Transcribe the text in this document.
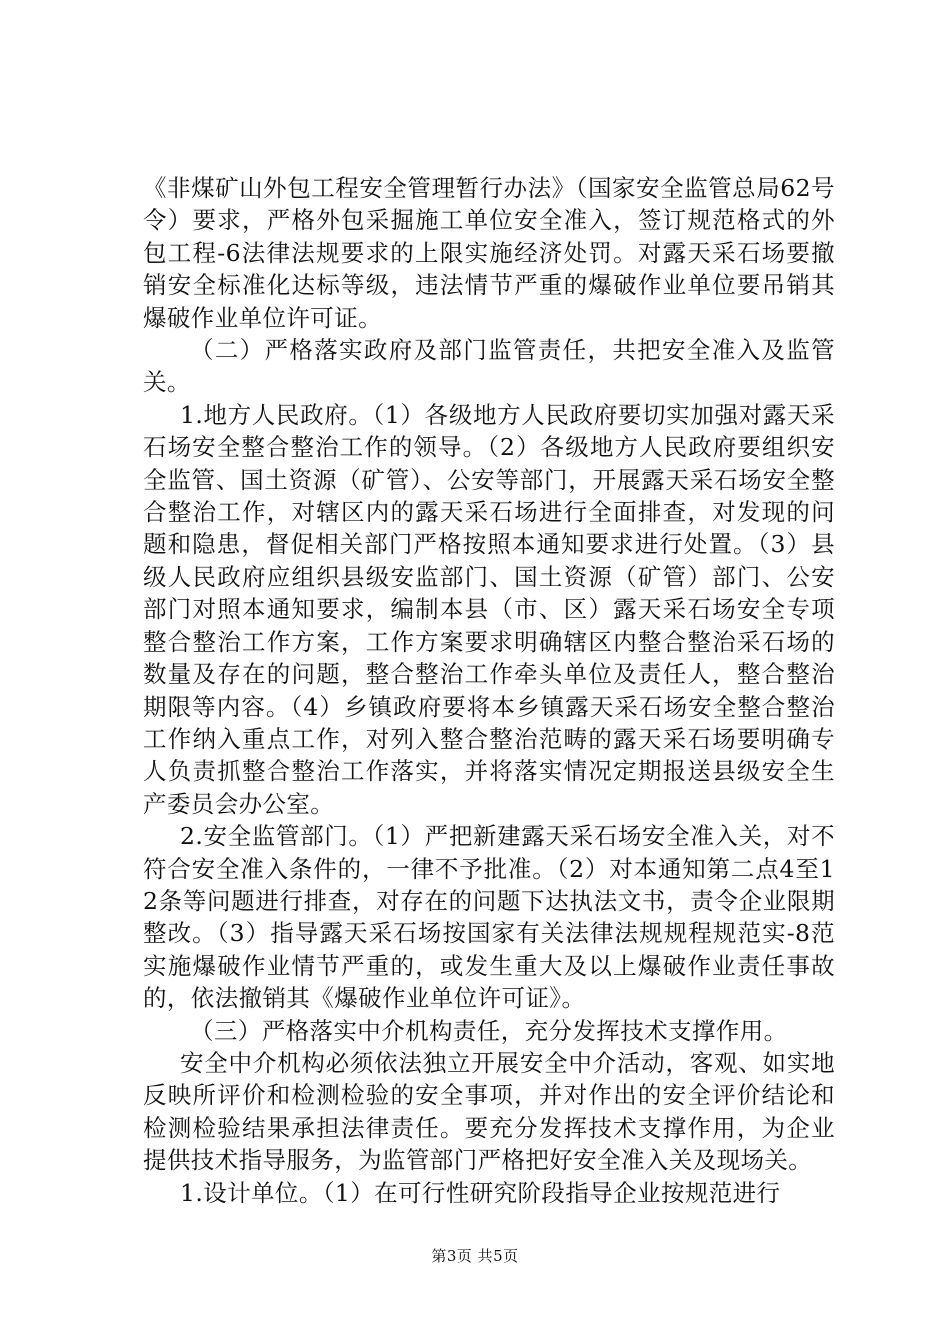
《非煤矿山外包工程安全管理暂行办法》（国家安全监管总局62号令）要求，严格外包采掘施工单位安全准入，签订规范格式的外包工程-6法律法规要求的上限实施经济处罚。对露天采石场要撤销安全标准化达标等级，违法情节严重的爆破作业单位要吊销其爆破作业单位许可证。

（二）严格落实政府及部门监管责任，共把安全准入及监管关。

1.地方人民政府。（1）各级地方人民政府要切实加强对露天采石场安全整合整治工作的领导。（2）各级地方人民政府要组织安全监管、国土资源（矿管）、公安等部门，开展露天采石场安全整合整治工作，对辖区内的露天采石场进行全面排查，对发现的问题和隐患，督促相关部门严格按照本通知要求进行处置。（3）县级人民政府应组织县级安监部门、国土资源（矿管）部门、公安部门对照本通知要求，编制本县（市、区）露天采石场安全专项整合整治工作方案，工作方案要求明确辖区内整合整治采石场的数量及存在的问题，整合整治工作牵头单位及责任人，整合整治期限等内容。（4）乡镇政府要将本乡镇露天采石场安全整合整治工作纳入重点工作，对列入整合整治范畴的露天采石场要明确专人负责抓整合整治工作落实，并将落实情况定期报送县级安全生产委员会办公室。

2.安全监管部门。（1）严把新建露天采石场安全准入关，对不符合安全准入条件的，一律不予批准。（2）对本通知第二点4至12条等问题进行排查，对存在的问题下达执法文书，责令企业限期整改。（3）指导露天采石场按国家有关法律法规规程规范实-8范实施爆破作业情节严重的，或发生重大及以上爆破作业责任事故的，依法撤销其《爆破作业单位许可证》。

（三）严格落实中介机构责任，充分发挥技术支撑作用。

安全中介机构必须依法独立开展安全中介活动，客观、如实地反映所评价和检测检验的安全事项，并对作出的安全评价结论和检测检验结果承担法律责任。要充分发挥技术支撑作用，为企业提供技术指导服务，为监管部门严格把好安全准入关及现场关。

1.设计单位。（1）在可行性研究阶段指导企业按规范进行

第3页 共5页
